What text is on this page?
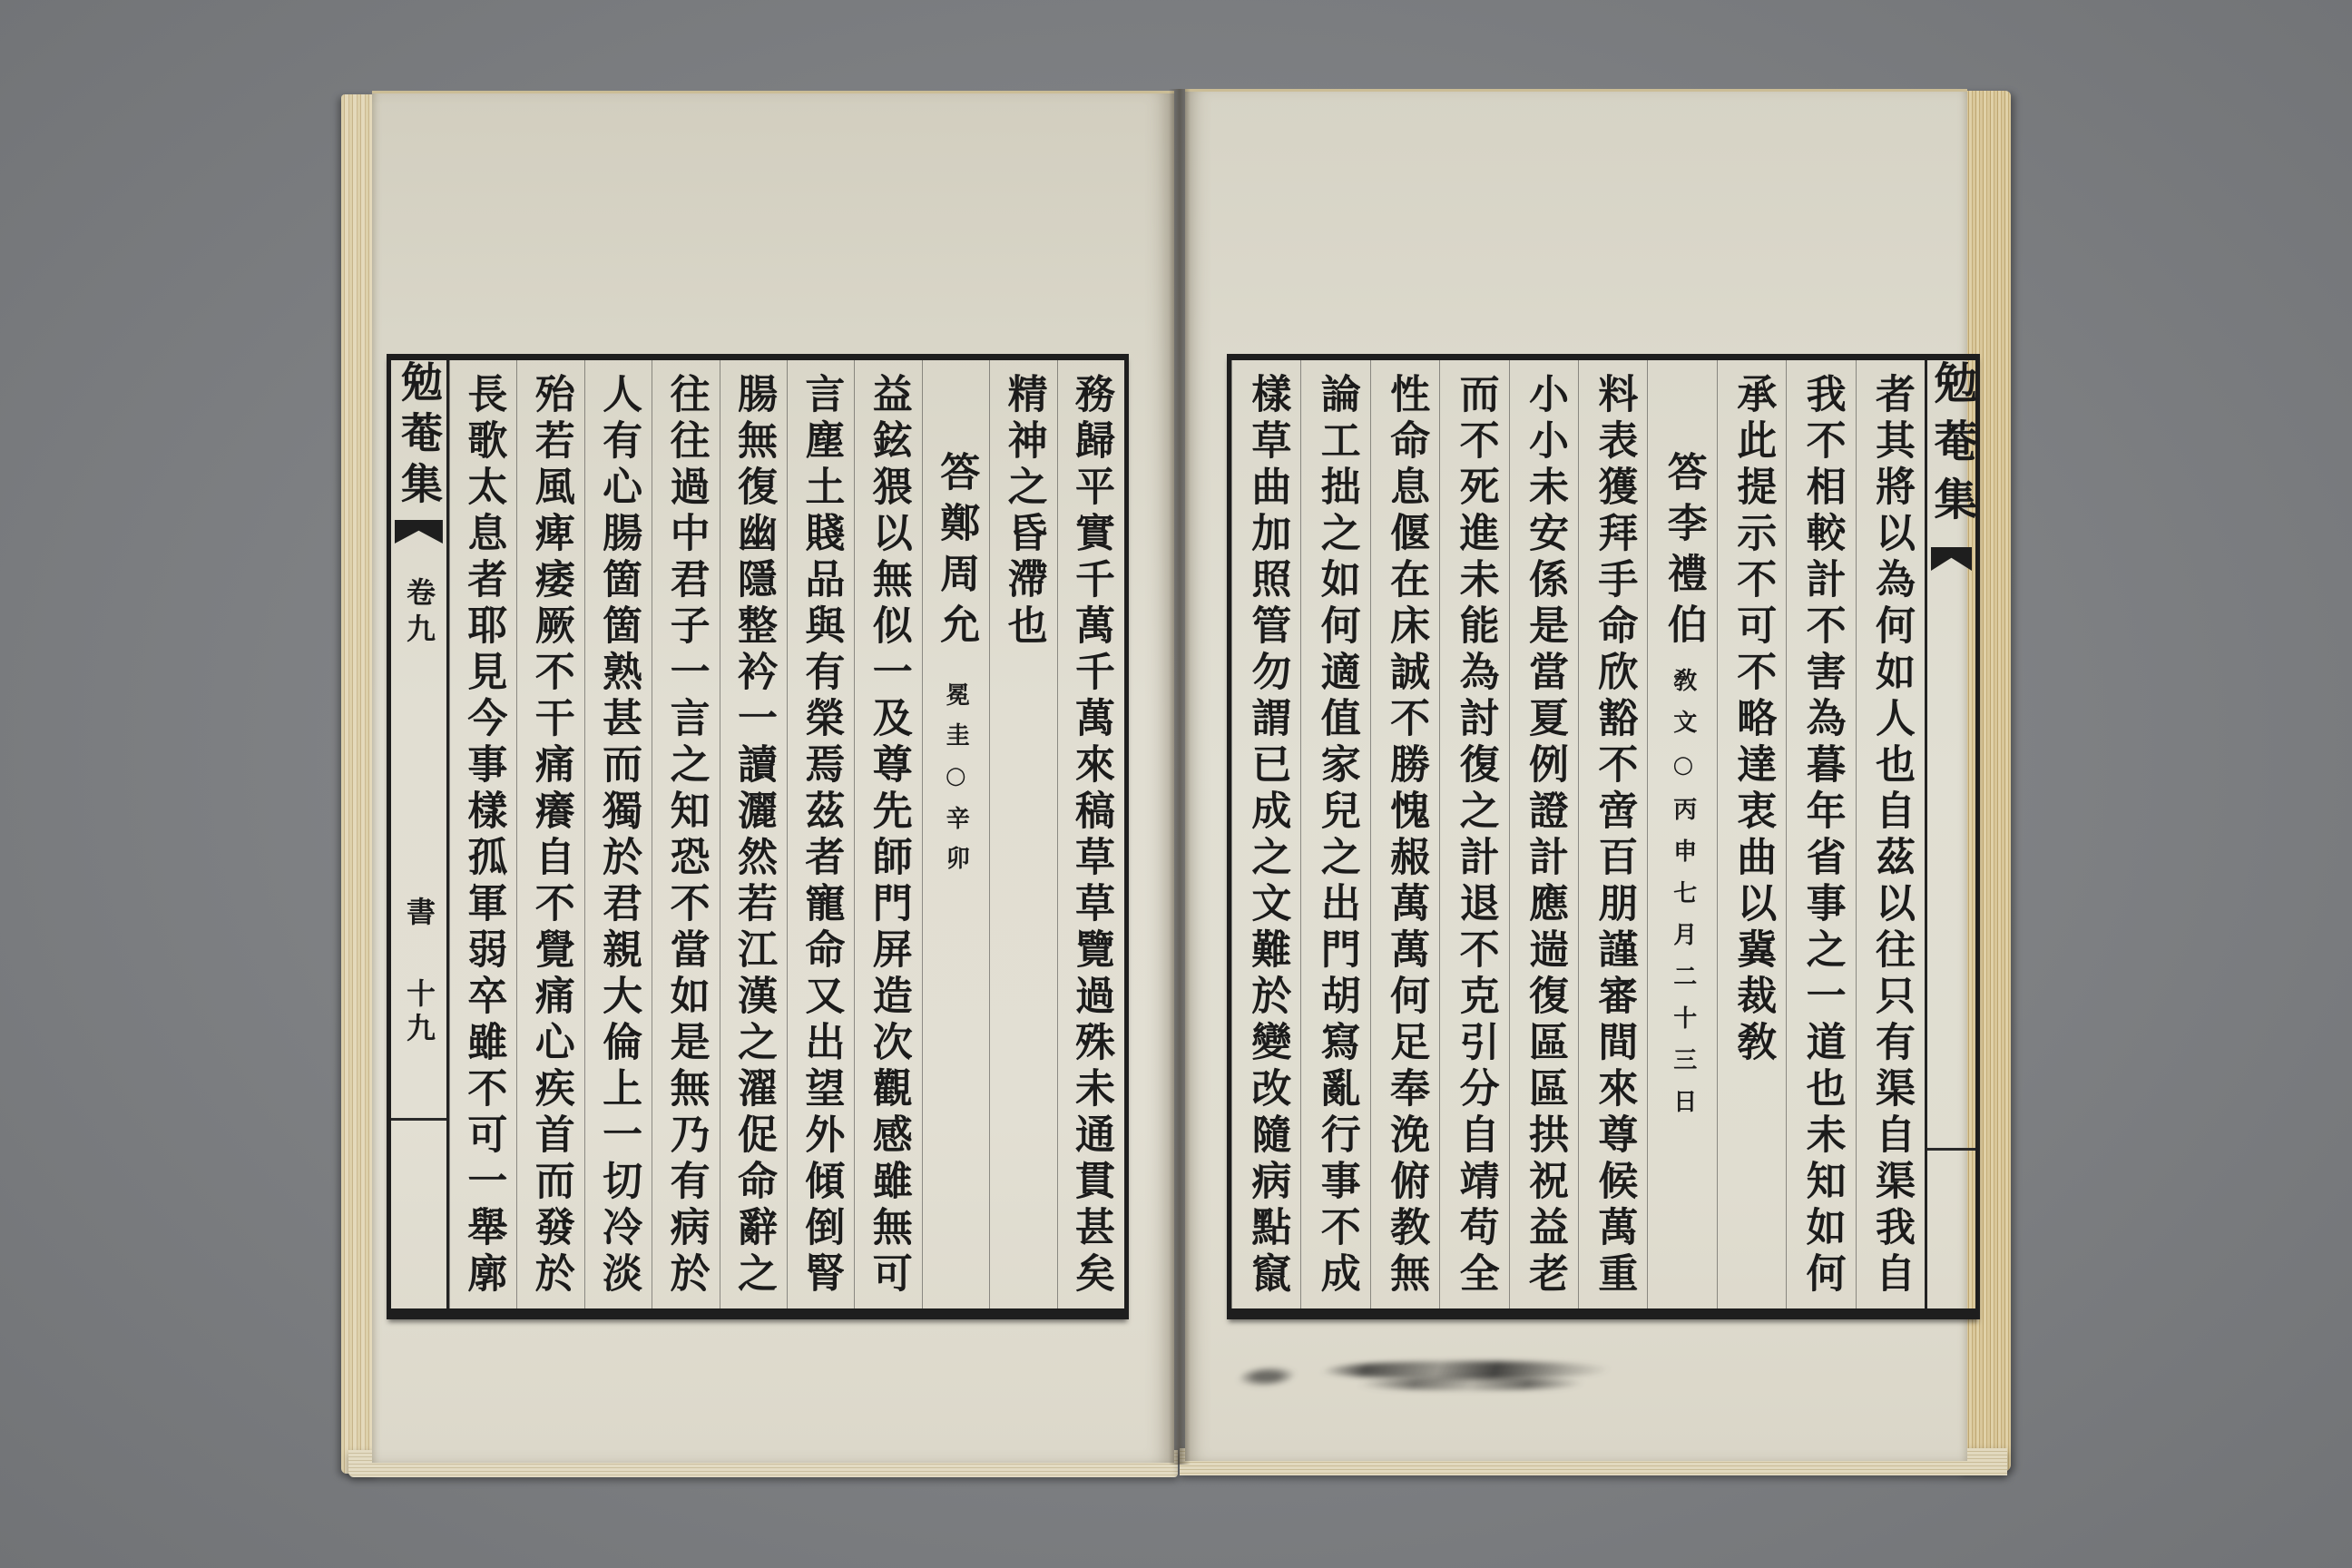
務歸平實千萬千萬來稿草草覽過殊未通貫甚矣
精神之昏滯也
答鄭周允冕圭○辛卯
益鉉猥以無似一及尊先師門屏造次觀感雖無可
言塵土賤品與有榮焉茲者寵命又出望外傾倒腎
腸無復幽隱整衿一讀灑然若江漢之濯促命辭之
往往過中君子一言之知恐不當如是無乃有病於
人有心腸箇箇熟甚而獨於君親大倫上一切冷淡
殆若風痺痿厥不干痛癢自不覺痛心疾首而發於
長歌太息者耶見今事樣孤軍弱卒雖不可一舉廓
勉菴集
卷九
書
十九
勉菴集
者其將以為何如人也自茲以往只有渠自渠我自
我不相較計不害為暮年省事之一道也未知如何
承此提示不可不略達衷曲以冀裁敎
答李禮伯敎文○丙申七月二十三日
料表獲拜手命欣豁不啻百朋謹審間來尊候萬重
小小未安係是當夏例證計應遄復區區拱祝益老
而不死進未能為討復之計退不克引分自靖苟全
性命息偃在床誠不勝愧赧萬萬何足奉浼俯教無
論工拙之如何適值家兒之出門胡寫亂行事不成
樣草曲加照管勿謂已成之文難於變改隨病點竄
